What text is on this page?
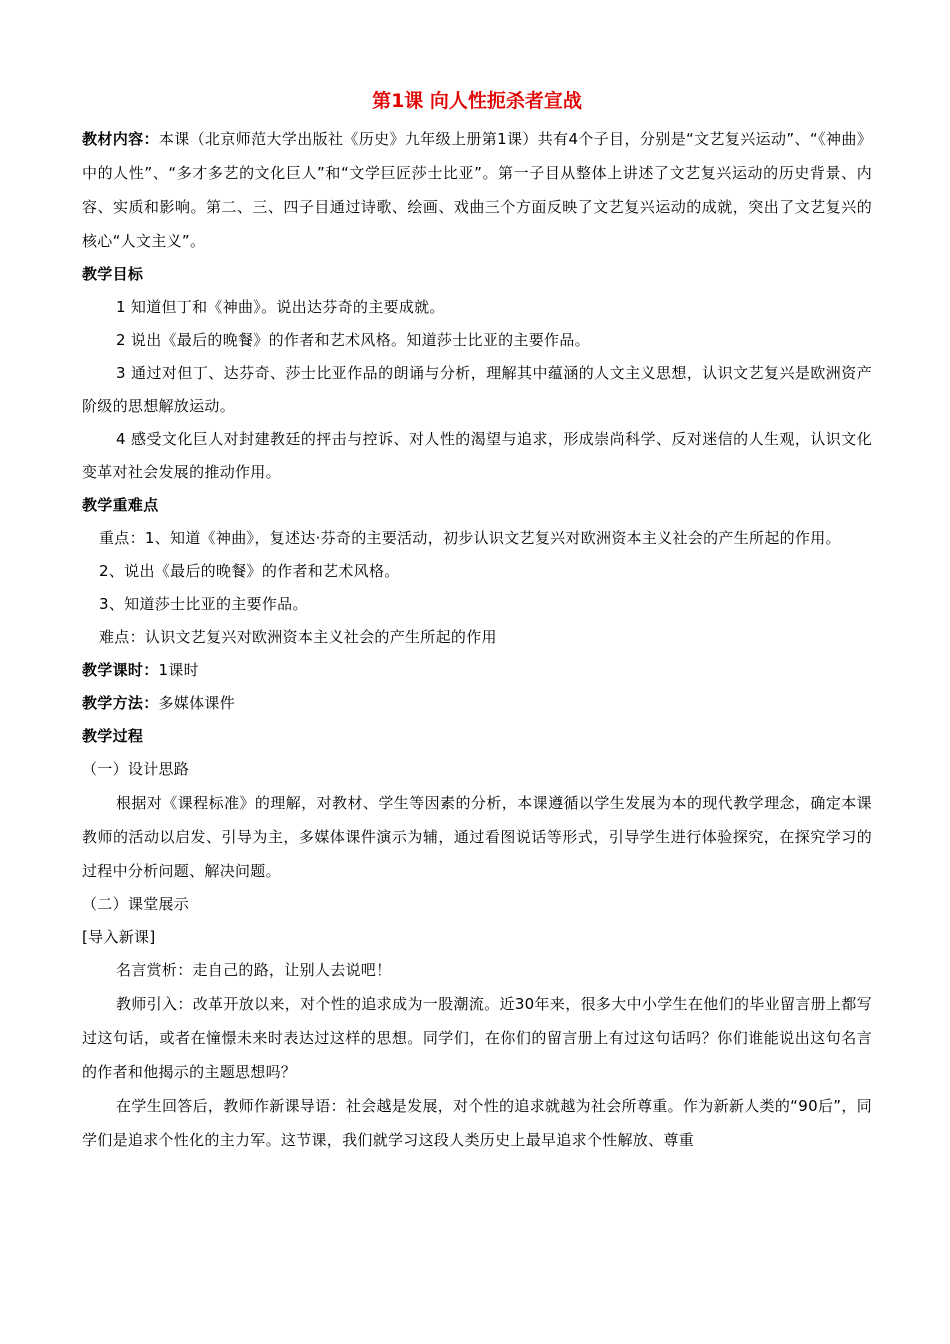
第1课 向人性扼杀者宣战

教材内容：本课（北京师范大学出版社《历史》九年级上册第1课）共有4个子目，分别是“文艺复兴运动”、“《神曲》中的人性”、“多才多艺的文化巨人”和“文学巨匠莎士比亚”。第一子目从整体上讲述了文艺复兴运动的历史背景、内容、实质和影响。第二、三、四子目通过诗歌、绘画、戏曲三个方面反映了文艺复兴运动的成就，突出了文艺复兴的核心“人文主义”。

教学目标

1 知道但丁和《神曲》。说出达芬奇的主要成就。

2 说出《最后的晚餐》的作者和艺术风格。知道莎士比亚的主要作品。

3 通过对但丁、达芬奇、莎士比亚作品的朗诵与分析，理解其中蕴涵的人文主义思想，认识文艺复兴是欧洲资产阶级的思想解放运动。

4 感受文化巨人对封建教廷的抨击与控诉、对人性的渴望与追求，形成崇尚科学、反对迷信的人生观，认识文化变革对社会发展的推动作用。

教学重难点

重点：1、知道《神曲》，复述达·芬奇的主要活动，初步认识文艺复兴对欧洲资本主义社会的产生所起的作用。

2、说出《最后的晚餐》的作者和艺术风格。

3、知道莎士比亚的主要作品。

难点：认识文艺复兴对欧洲资本主义社会的产生所起的作用

教学课时：1课时

教学方法：多媒体课件

教学过程

（一）设计思路

根据对《课程标准》的理解，对教材、学生等因素的分析，本课遵循以学生发展为本的现代教学理念，确定本课教师的活动以启发、引导为主，多媒体课件演示为辅，通过看图说话等形式，引导学生进行体验探究，在探究学习的过程中分析问题、解决问题。

（二）课堂展示

[导入新课]

名言赏析：走自己的路，让别人去说吧！

教师引入：改革开放以来，对个性的追求成为一股潮流。近30年来，很多大中小学生在他们的毕业留言册上都写过这句话，或者在憧憬未来时表达过这样的思想。同学们，在你们的留言册上有过这句话吗？你们谁能说出这句名言的作者和他揭示的主题思想吗？

在学生回答后，教师作新课导语：社会越是发展，对个性的追求就越为社会所尊重。作为新新人类的“90后”，同学们是追求个性化的主力军。这节课，我们就学习这段人类历史上最早追求个性解放、尊重
